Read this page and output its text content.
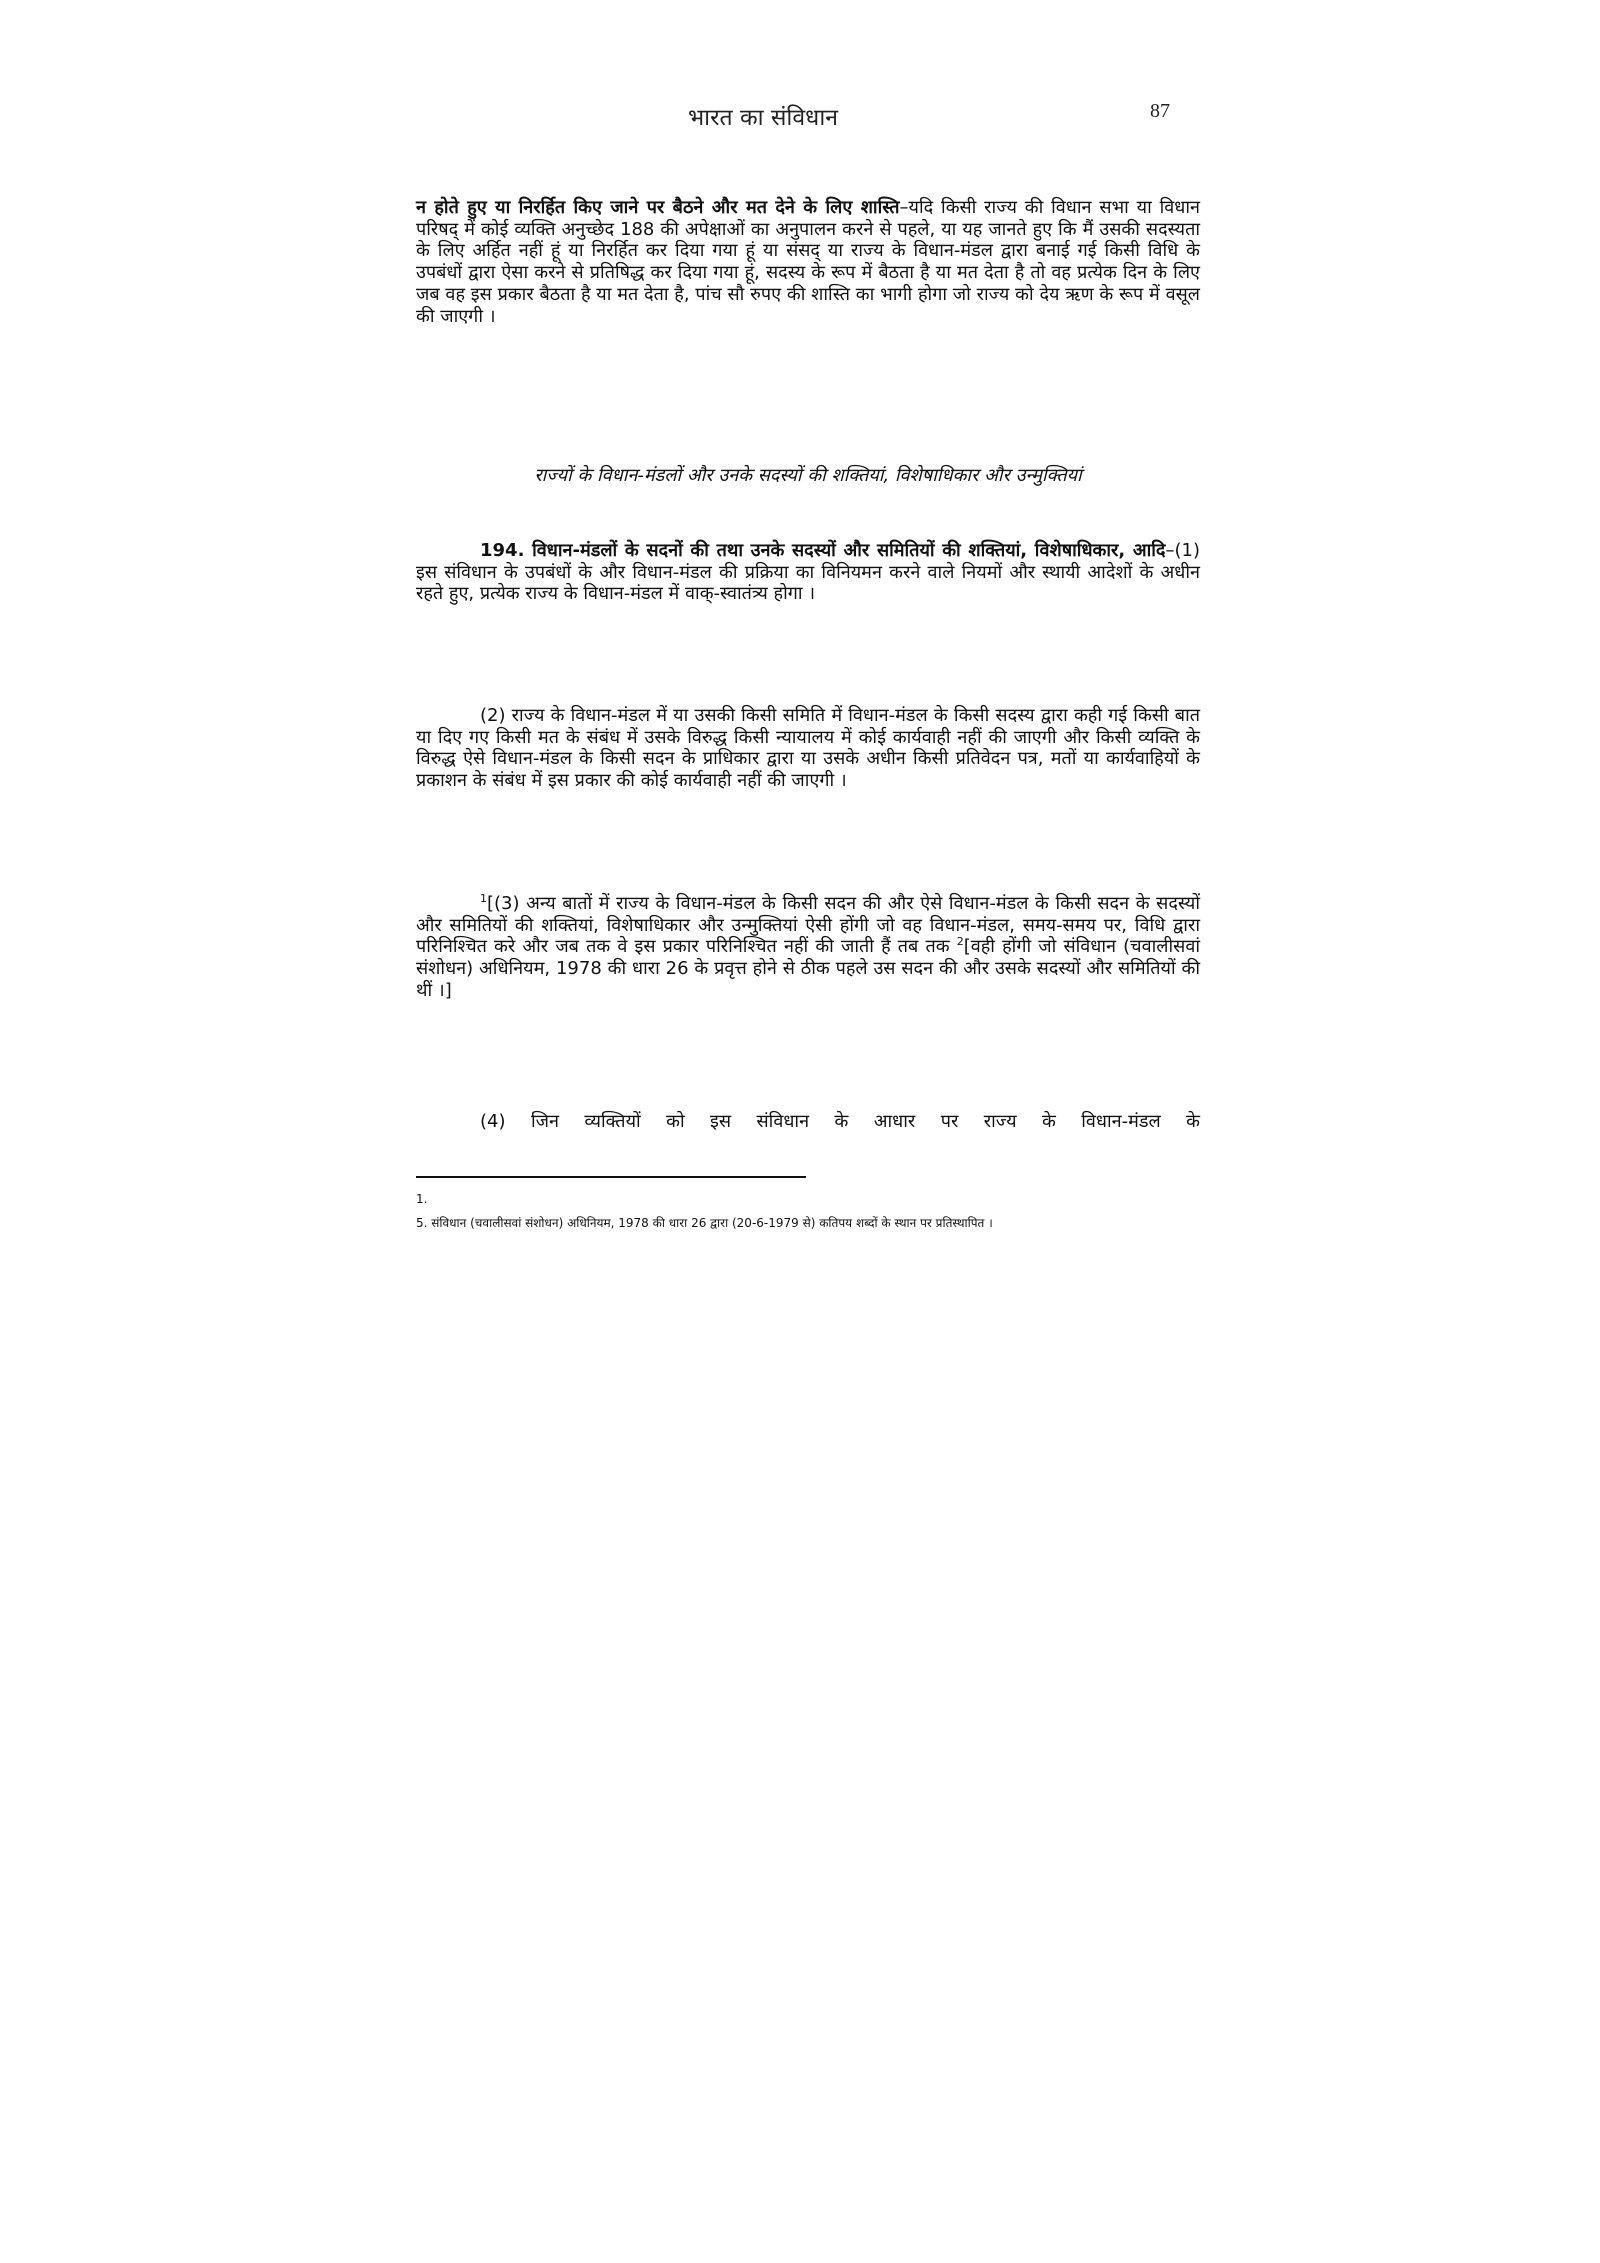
भारत का संविधान	87
न होते हुए या निरर्हित किए जाने पर बैठने और मत देने के लिए शास्ति–यदि किसी राज्य की विधान सभा या विधान परिषद् में कोई व्यक्ति अनुच्छेद 188 की अपेक्षाओं का अनुपालन करने से पहले, या यह जानते हुए कि मैं उसकी सदस्यता के लिए अर्हित नहीं हूं या निरर्हित कर दिया गया हूं या संसद् या राज्य के विधान-मंडल द्वारा बनाई गई किसी विधि के उपबंधों द्वारा ऐसा करने से प्रतिषिद्ध कर दिया गया हूं, सदस्य के रूप में बैठता है या मत देता है तो वह प्रत्येक दिन के लिए जब वह इस प्रकार बैठता है या मत देता है, पांच सौ रुपए की शास्ति का भागी होगा जो राज्य को देय ऋण के रूप में वसूल की जाएगी ।
राज्यों के विधान-मंडलों और उनके सदस्यों की शक्तियां, विशेषाधिकार और उन्मुक्तियां
194. विधान-मंडलों के सदनों की तथा उनके सदस्यों और समितियों की शक्तियां, विशेषाधिकार, आदि–(1) इस संविधान के उपबंधों के और विधान-मंडल की प्रक्रिया का विनियमन करने वाले नियमों और स्थायी आदेशों के अधीन रहते हुए, प्रत्येक राज्य के विधान-मंडल में वाक्-स्वातंत्र्य होगा ।
(2) राज्य के विधान-मंडल में या उसकी किसी समिति में विधान-मंडल के किसी सदस्य द्वारा कही गई किसी बात या दिए गए किसी मत के संबंध में उसके विरुद्ध किसी न्यायालय में कोई कार्यवाही नहीं की जाएगी और किसी व्यक्ति के विरुद्ध ऐसे विधान-मंडल के किसी सदन के प्राधिकार द्वारा या उसके अधीन किसी प्रतिवेदन पत्र, मतों या कार्यवाहियों के प्रकाशन के संबंध में इस प्रकार की कोई कार्यवाही नहीं की जाएगी ।
$^1$[(3) अन्य बातों में राज्य के विधान-मंडल के किसी सदन की और ऐसे विधान-मंडल के किसी सदन के सदस्यों और समितियों की शक्तियां, विशेषाधिकार और उन्मुक्तियां ऐसी होंगी जो वह विधान-मंडल, समय-समय पर, विधि द्वारा परिनिश्चित करे और जब तक वे इस प्रकार परिनिश्चित नहीं की जाती हैं तब तक $^2$[वही होंगी जो संविधान (चवालीसवां संशोधन) अधिनियम, 1978 की धारा 26 के प्रवृत्त होने से ठीक पहले उस सदन की और उसके सदस्यों और समितियों की थीं ।]
(4) जिन व्यक्तियों को इस संविधान के आधार पर राज्य के विधान-मंडल के
1.
5. संविधान (चवालीसवां संशोधन) अधिनियम, 1978 की धारा 26 द्वारा (20-6-1979 से) कतिपय शब्दों के स्थान पर प्रतिस्थापित ।
